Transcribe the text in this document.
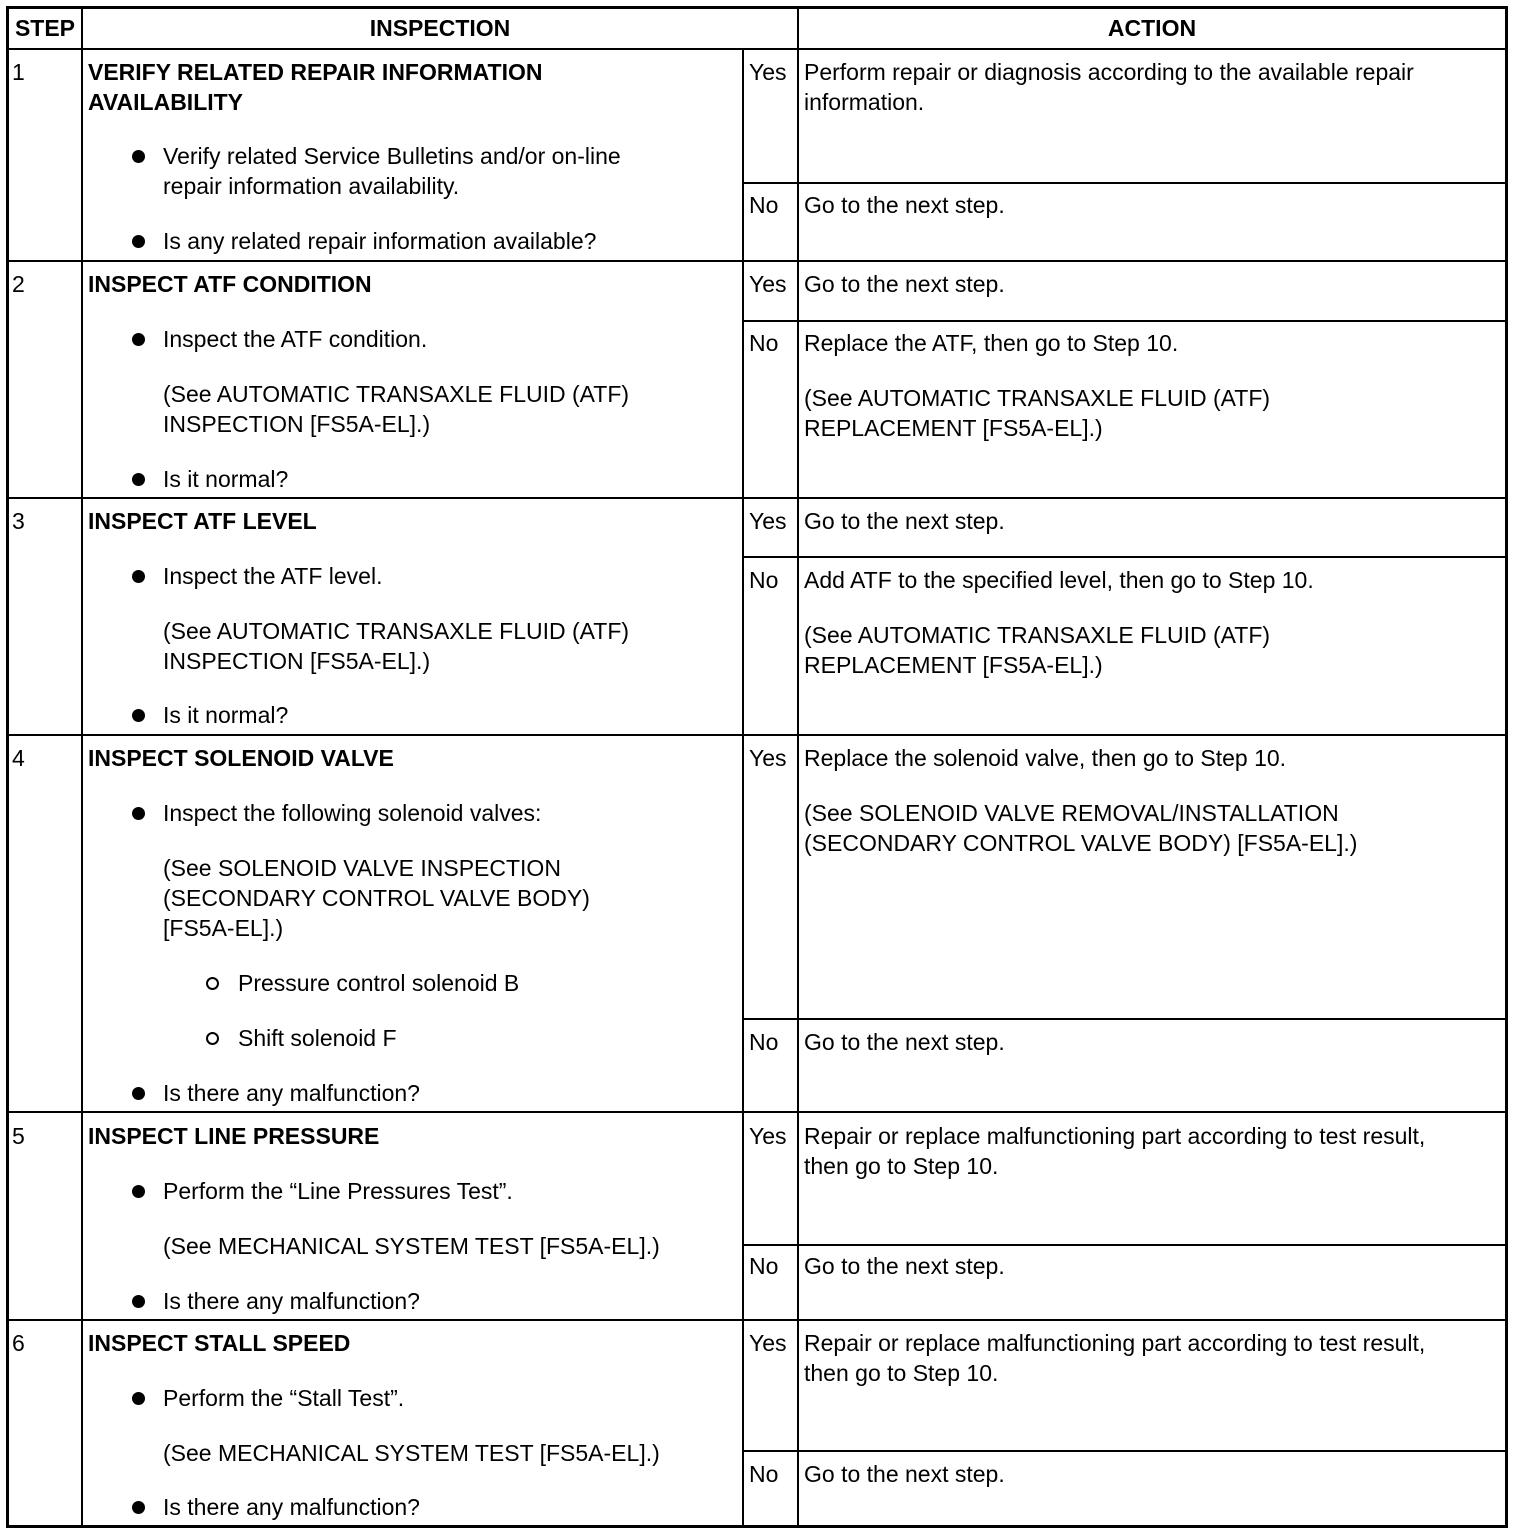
STEP	INSPECTION	ACTION
1	VERIFY RELATED REPAIR INFORMATION
AVAILABILITY
Verify related Service Bulletins and/or on-line
repair information availability.
Is any related repair information available?
Yes Perform repair or diagnosis according to the available repair
information.
No Go to the next step.
2	INSPECT ATF CONDITION
Inspect the ATF condition.
(See AUTOMATIC TRANSAXLE FLUID (ATF)
INSPECTION [FS5A-EL].)
Is it normal?
Yes Go to the next step.
No Replace the ATF, then go to Step 10.
(See AUTOMATIC TRANSAXLE FLUID (ATF)
REPLACEMENT [FS5A-EL].)
3	INSPECT ATF LEVEL
Inspect the ATF level.
(See AUTOMATIC TRANSAXLE FLUID (ATF)
INSPECTION [FS5A-EL].)
Is it normal?
Yes Go to the next step.
No Add ATF to the specified level, then go to Step 10.
(See AUTOMATIC TRANSAXLE FLUID (ATF)
REPLACEMENT [FS5A-EL].)
4	INSPECT SOLENOID VALVE
Inspect the following solenoid valves:
(See SOLENOID VALVE INSPECTION
(SECONDARY CONTROL VALVE BODY)
[FS5A-EL].)
Pressure control solenoid B
Shift solenoid F
Is there any malfunction?
Yes Replace the solenoid valve, then go to Step 10.
(See SOLENOID VALVE REMOVAL/INSTALLATION
(SECONDARY CONTROL VALVE BODY) [FS5A-EL].)
No Go to the next step.
5	INSPECT LINE PRESSURE
Perform the “Line Pressures Test”.
(See MECHANICAL SYSTEM TEST [FS5A-EL].)
Is there any malfunction?
Yes Repair or replace malfunctioning part according to test result,
then go to Step 10.
No Go to the next step.
6	INSPECT STALL SPEED
Perform the “Stall Test”.
(See MECHANICAL SYSTEM TEST [FS5A-EL].)
Is there any malfunction?
Yes Repair or replace malfunctioning part according to test result,
then go to Step 10.
No Go to the next step.
